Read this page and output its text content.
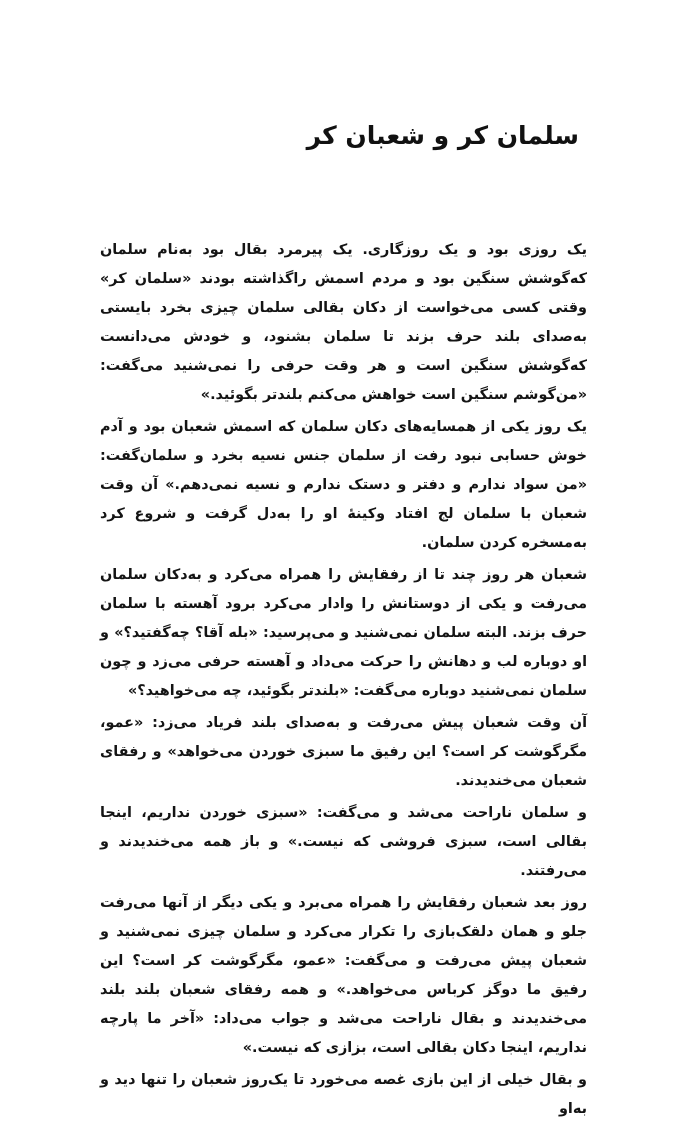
سلمان کر و شعبان کر

یک روزی بود و یک روزگاری. یک پیرمرد بقال بود به‌نام سلمان که‌گوشش سنگین بود و مردم اسمش را‌گذاشته بودند «سلمان کر» وقتی کسی می‌خواست از دکان بقالی سلمان چیزی بخرد بایستی به‌صدای بلند حرف بزند تا سلمان بشنود، و خودش می‌دانست که‌گوشش سنگین است و هر وقت حرفی را نمی‌شنید می‌گفت: «من‌گوشم سنگین است خواهش می‌کنم بلندتر بگوئید.»

یک روز یکی از همسایه‌های دکان سلمان که اسمش شعبان بود و آدم خوش حسابی نبود رفت از سلمان جنس نسیه بخرد و سلمان‌گفت: «من سواد ندارم و دفتر و دستک ندارم و نسیه نمی‌دهم.» آن وقت شعبان با سلمان لج افتاد وکینهٔ او را به‌دل گرفت و شروع کرد به‌مسخره کردن سلمان.

شعبان هر روز چند تا از رفقایش را همراه می‌کرد و به‌دکان سلمان می‌رفت و یکی از دوستانش را وادار می‌کرد برود آهسته با سلمان حرف بزند. البته سلمان نمی‌شنید و می‌پرسید: «بله آقا؟ چه‌گفتید؟» و او دوباره لب و دهانش را حرکت می‌داد و آهسته حرفی می‌زد و چون سلمان نمی‌شنید دوباره می‌گفت: «بلندتر بگوئید، چه می‌خواهید؟»

آن وقت شعبان پیش می‌رفت و به‌صدای بلند فریاد می‌زد: «عمو، مگرگوشت کر است؟ این رفیق ما سبزی خوردن می‌خواهد» و رفقای شعبان می‌خندیدند.

و سلمان ناراحت می‌شد و می‌گفت: «سبزی خوردن نداریم، اینجا بقالی است، سبزی فروشی که نیست.» و باز همه می‌خندیدند و می‌رفتند.

روز بعد شعبان رفقایش را همراه می‌برد و یکی دیگر از آنها می‌رفت جلو و همان دلقک‌بازی را تکرار می‌کرد و سلمان چیزی نمی‌شنید و شعبان پیش می‌رفت و می‌گفت: «عمو، مگرگوشت کر است؟ این رفیق ما دوگز کرباس می‌خواهد.» و همه رفقای شعبان بلند بلند می‌خندیدند و بقال ناراحت می‌شد و جواب می‌داد: «آخر ما پارچه نداریم، اینجا دکان بقالی است، بزازی که نیست.»

و بقال خیلی از این بازی غصه می‌خورد تا یک‌روز شعبان را تنها دید و به‌او
